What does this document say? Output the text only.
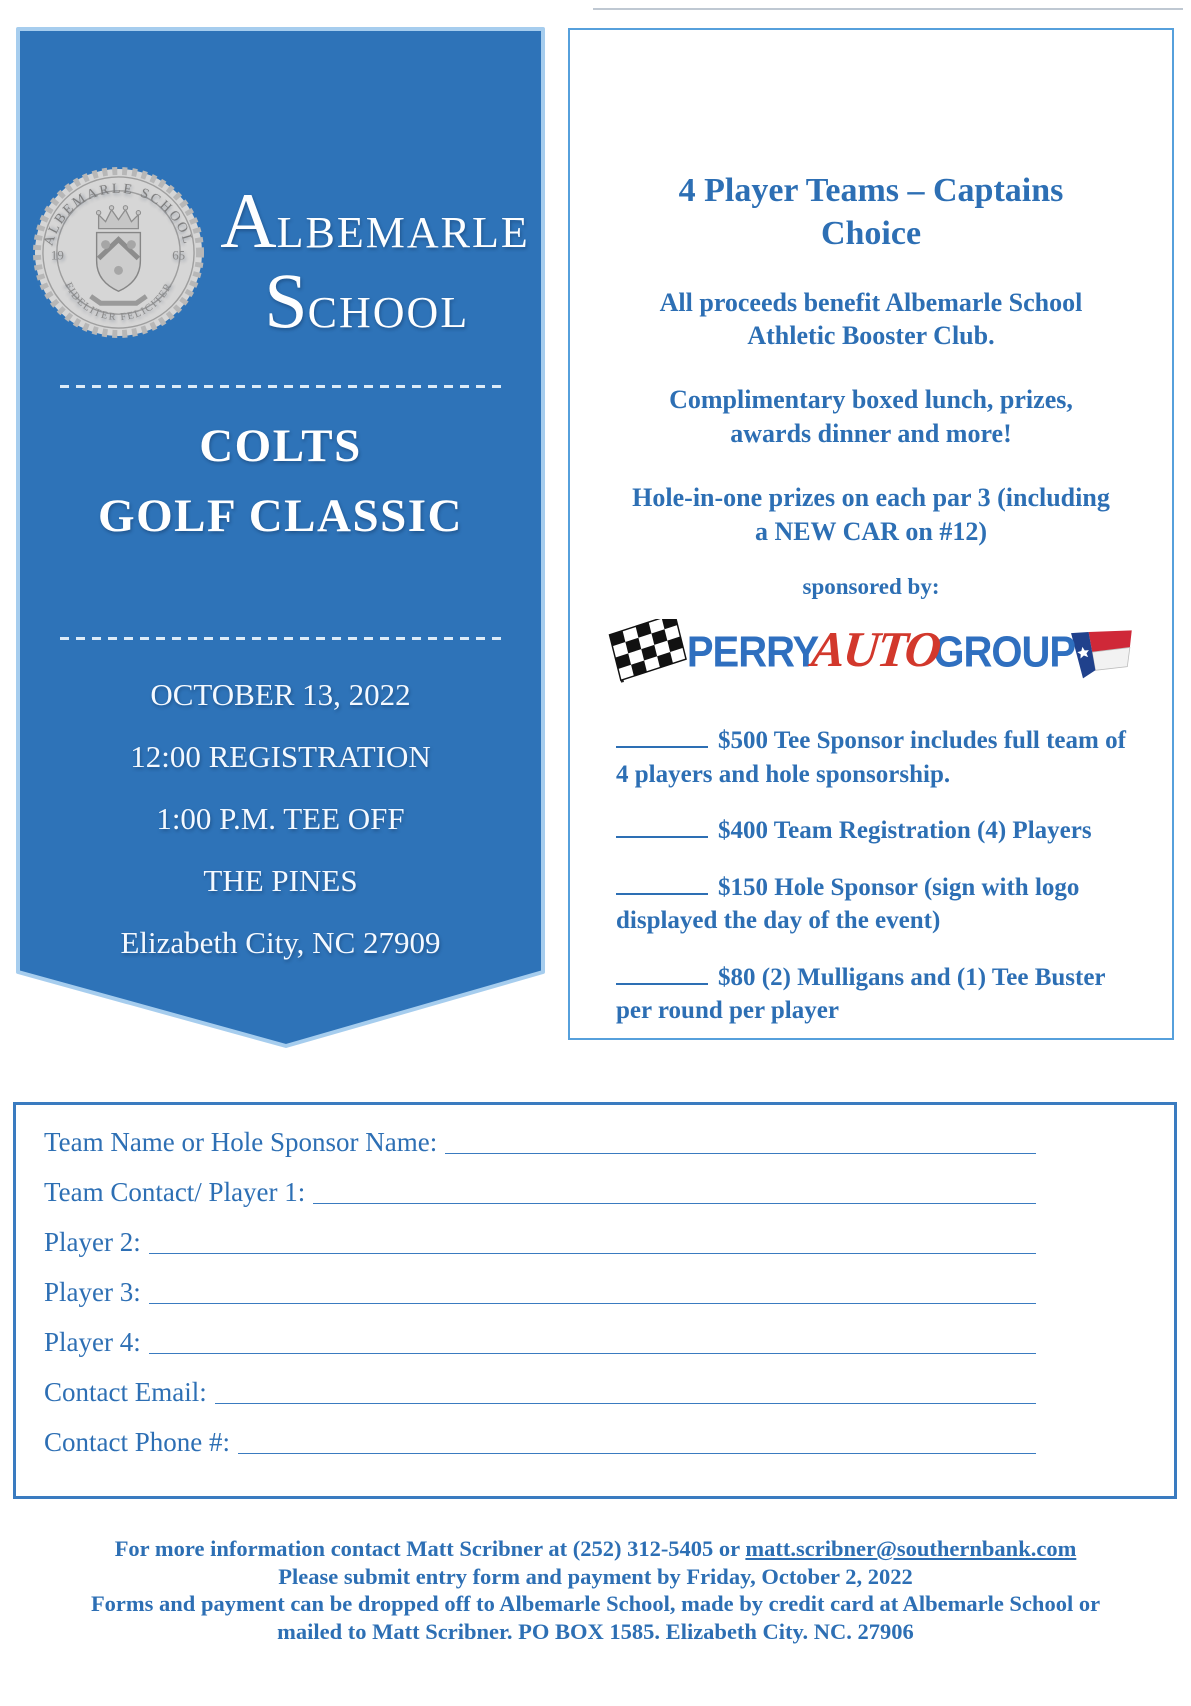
ALBEMARLE SCHOOL
FIDELITER FELICITER
19	65 A LBEMARLE
S CHOOL
COLTS
GOLF CLASSIC
OCTOBER 13, 2022
12:00 REGISTRATION
1:00 P.M. TEE OFF
THE PINES
Elizabeth City, NC 27909
4 Player Teams – Captains Choice

All proceeds benefit Albemarle School Athletic Booster Club.

Complimentary boxed lunch, prizes, awards dinner and more!

Hole-in-one prizes on each par 3 (including a NEW CAR on #12)

sponsored by:
PERRY
AUTO
GROUP
$500 Tee Sponsor includes full team of 4 players and hole sponsorship.
$400 Team Registration (4) Players
$150 Hole Sponsor (sign with logo displayed the day of the event)
$80 (2) Mulligans and (1) Tee Buster per round per player
Team Name or Hole Sponsor Name:
Team Contact/ Player 1:
Player 2:
Player 3:
Player 4:
Contact Email:
Contact Phone #:
For more information contact Matt Scribner at (252) 312-5405 or matt.scribner@southernbank.com
Please submit entry form and payment by Friday, October 2, 2022
Forms and payment can be dropped off to Albemarle School, made by credit card at Albemarle School or
mailed to Matt Scribner. PO BOX 1585. Elizabeth City. NC. 27906
